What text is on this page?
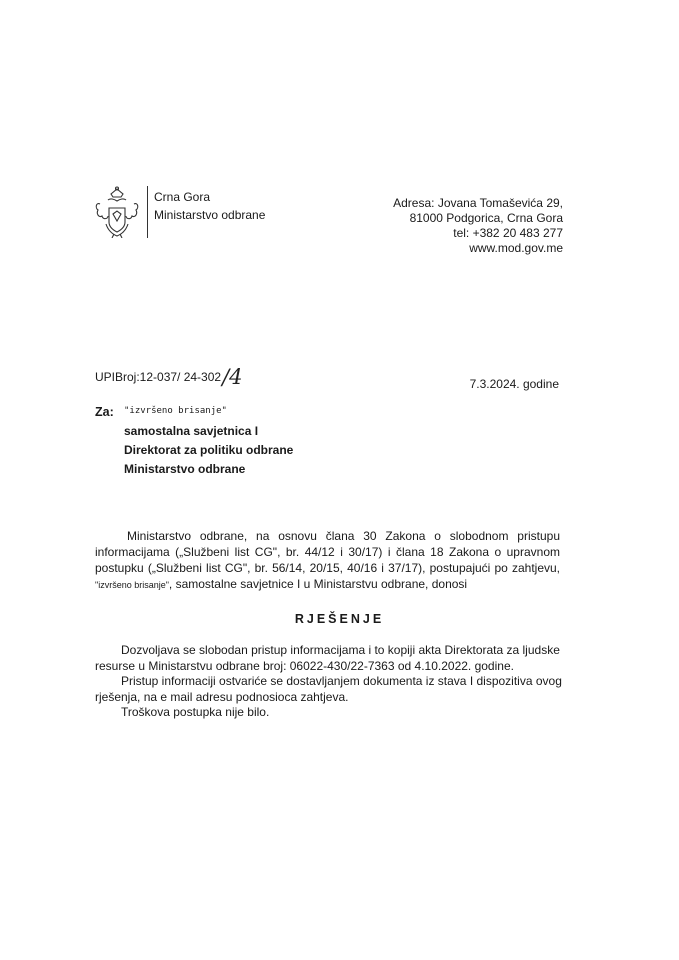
Crna Gora
Ministarstvo odbrane
Adresa: Jovana Tomaševića 29,
81000 Podgorica, Crna Gora
tel: +382 20 483 277
www.mod.gov.me
UPIBroj:12-037/ 24-302 /4	7.3.2024. godine
Za: "izvršeno brisanje"
samostalna savjetnica I
Direktorat za politiku odbrane
Ministarstvo odbrane
Ministarstvo odbrane, na osnovu člana 30 Zakona o slobodnom pristupu informacijama („Službeni list CG", br. 44/12 i 30/17) i člana 18 Zakona o upravnom postupku („Službeni list CG", br. 56/14, 20/15, 40/16 i 37/17), postupajući po zahtjevu, "izvršeno brisanje", samostalne savjetnice I u Ministarstvu odbrane, donosi
RJEŠENJE

Dozvoljava se slobodan pristup informacijama i to kopiji akta Direktorata za ljudske resurse u Ministarstvu odbrane broj: 06022-430/22-7363 od 4.10.2022. godine.

Pristup informaciji ostvariće se dostavljanjem dokumenta iz stava I dispozitiva ovog rješenja, na e mail adresu podnosioca zahtjeva.

Troškova postupka nije bilo.
